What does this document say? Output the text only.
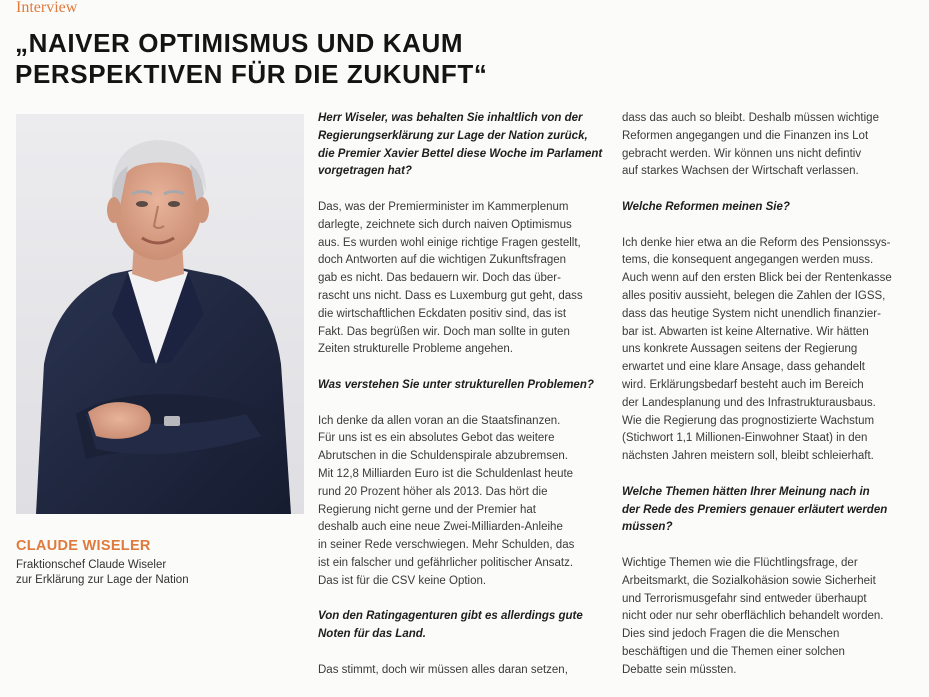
Interview
„NAIVER OPTIMISMUS UND KAUM
PERSPEKTIVEN FÜR DIE ZUKUNFT“
CLAUDE WISELER
Fraktionschef Claude Wiseler
zur Erklärung zur Lage der Nation

Herr Wiseler, was behalten Sie inhaltlich von der
Regierungserklärung zur Lage der Nation zurück,
die Premier Xavier Bettel diese Woche im Parlament
vorgetragen hat?

Das, was der Premierminister im Kammerplenum
darlegte, zeichnete sich durch naiven Optimismus
aus. Es wurden wohl einige richtige Fragen gestellt,
doch Antworten auf die wichtigen Zukunftsfragen
gab es nicht. Das bedauern wir. Doch das über-
rascht uns nicht. Dass es Luxemburg gut geht, dass
die wirtschaftlichen Eckdaten positiv sind, das ist
Fakt. Das begrüßen wir. Doch man sollte in guten
Zeiten strukturelle Probleme angehen.

Was verstehen Sie unter strukturellen Problemen?

Ich denke da allen voran an die Staatsfinanzen.
Für uns ist es ein absolutes Gebot das weitere
Abrutschen in die Schuldenspirale abzubremsen.
Mit 12,8 Milliarden Euro ist die Schuldenlast heute
rund 20 Prozent höher als 2013. Das hört die
Regierung nicht gerne und der Premier hat
deshalb auch eine neue Zwei-Milliarden-Anleihe
in seiner Rede verschwiegen. Mehr Schulden, das
ist ein falscher und gefährlicher politischer Ansatz.
Das ist für die CSV keine Option.

Von den Ratingagenturen gibt es allerdings gute
Noten für das Land.

Das stimmt, doch wir müssen alles daran setzen,

dass das auch so bleibt. Deshalb müssen wichtige
Reformen angegangen und die Finanzen ins Lot
gebracht werden. Wir können uns nicht defintiv
auf starkes Wachsen der Wirtschaft verlassen.

Welche Reformen meinen Sie?

Ich denke hier etwa an die Reform des Pensionssys-
tems, die konsequent angegangen werden muss.
Auch wenn auf den ersten Blick bei der Rentenkasse
alles positiv aussieht, belegen die Zahlen der IGSS,
dass das heutige System nicht unendlich finanzier-
bar ist. Abwarten ist keine Alternative. Wir hätten
uns konkrete Aussagen seitens der Regierung
erwartet und eine klare Ansage, dass gehandelt
wird. Erklärungsbedarf besteht auch im Bereich
der Landesplanung und des Infrastrukturausbaus.
Wie die Regierung das prognostizierte Wachstum
(Stichwort 1,1 Millionen-Einwohner Staat) in den
nächsten Jahren meistern soll, bleibt schleierhaft.

Welche Themen hätten Ihrer Meinung nach in
der Rede des Premiers genauer erläutert werden
müssen?

Wichtige Themen wie die Flüchtlingsfrage, der
Arbeitsmarkt, die Sozialkohäsion sowie Sicherheit
und Terrorismusgefahr sind entweder überhaupt
nicht oder nur sehr oberflächlich behandelt worden.
Dies sind jedoch Fragen die die Menschen
beschäftigen und die Themen einer solchen
Debatte sein müssten.
